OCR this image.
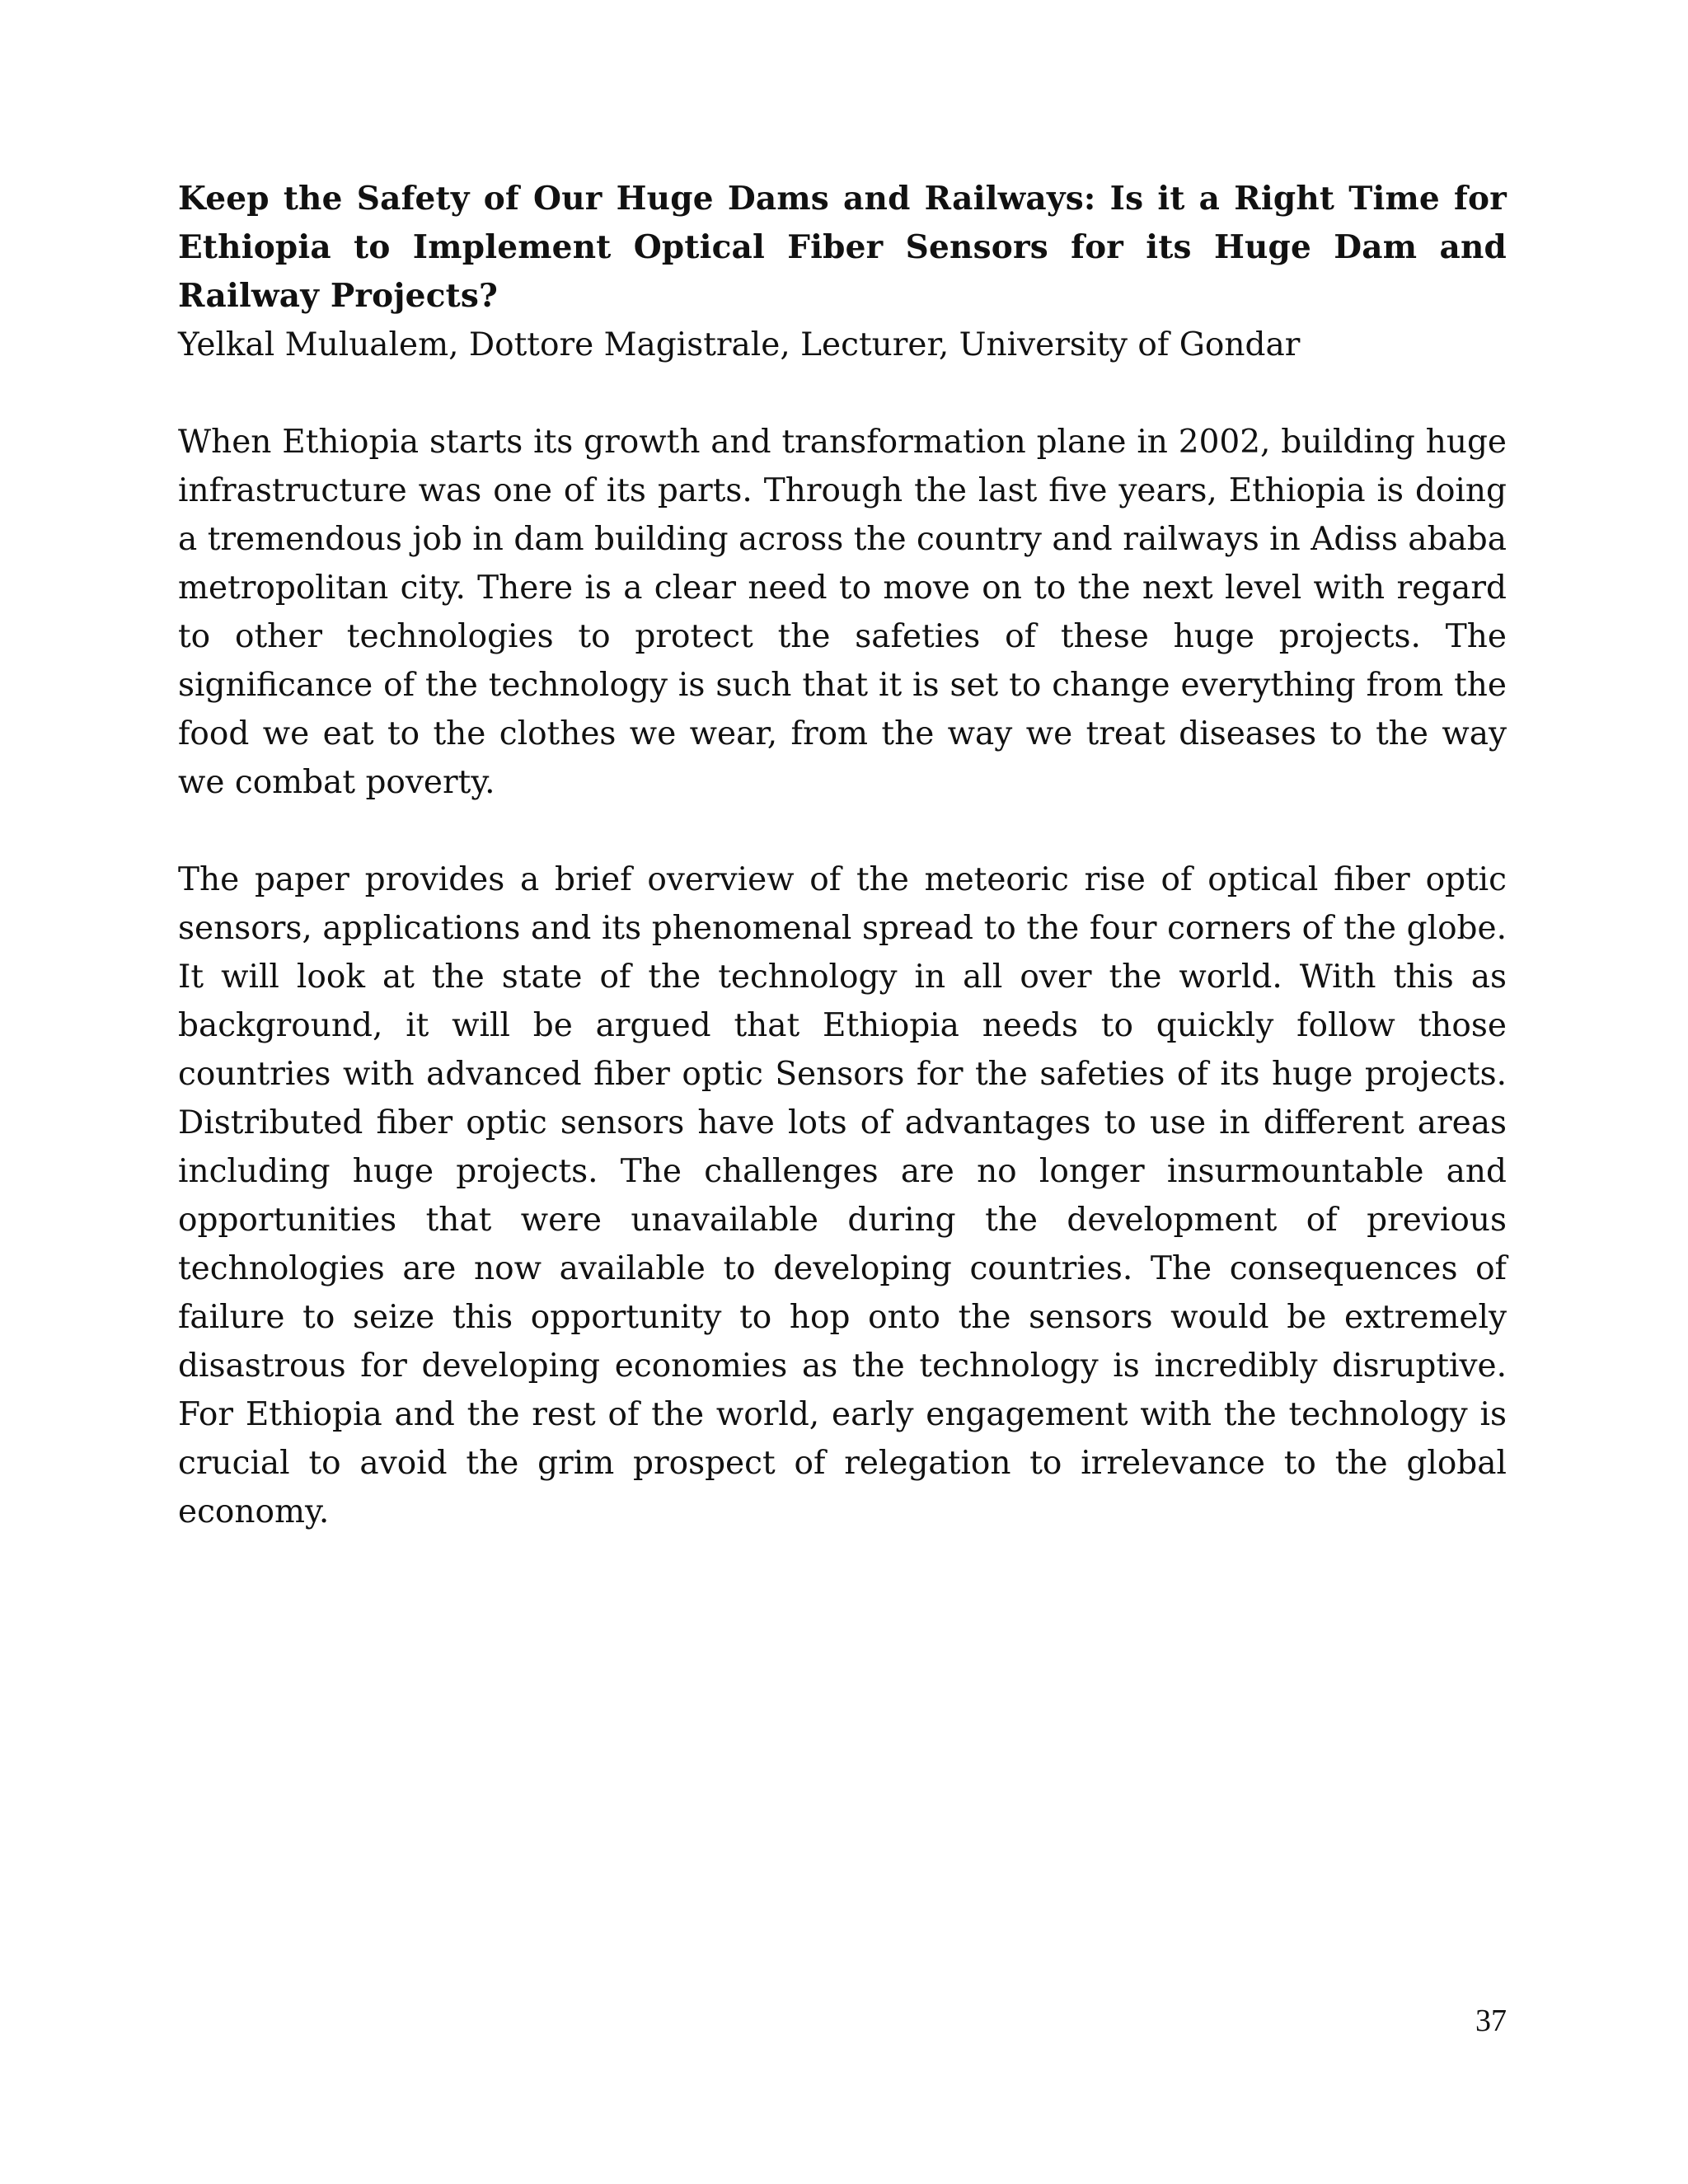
Keep the Safety of Our Huge Dams and Railways: Is it a Right Time for Ethiopia to Implement Optical Fiber Sensors for its Huge Dam and Railway Projects?

Yelkal Mulualem, Dottore Magistrale, Lecturer, University of Gondar

When Ethiopia starts its growth and transformation plane in 2002, building huge infrastructure was one of its parts. Through the last five years, Ethiopia is doing a tremendous job in dam building across the country and railways in Adiss ababa metropolitan city. There is a clear need to move on to the next level with regard to other technologies to protect the safeties of these huge projects. The significance of the technology is such that it is set to change everything from the food we eat to the clothes we wear, from the way we treat diseases to the way we combat poverty.

The paper provides a brief overview of the meteoric rise of optical fiber optic sensors, applications and its phenomenal spread to the four corners of the globe. It will look at the state of the technology in all over the world. With this as background, it will be argued that Ethiopia needs to quickly follow those countries with advanced fiber optic Sensors for the safeties of its huge projects. Distributed fiber optic sensors have lots of advantages to use in different areas including huge projects. The challenges are no longer insurmountable and opportunities that were unavailable during the development of previous technologies are now available to developing countries. The consequences of failure to seize this opportunity to hop onto the sensors would be extremely disastrous for developing economies as the technology is incredibly disruptive. For Ethiopia and the rest of the world, early engagement with the technology is crucial to avoid the grim prospect of relegation to irrelevance to the global economy.

37
